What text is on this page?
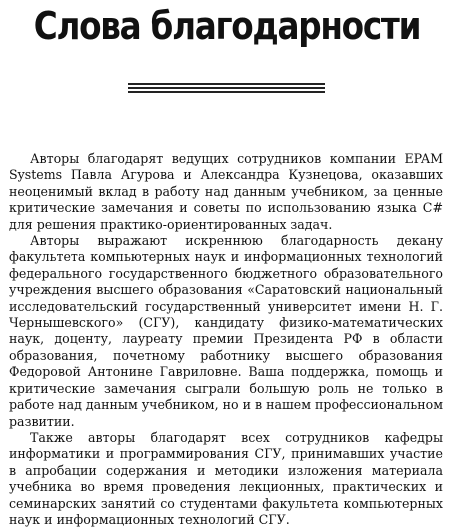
Слова благодарности

Авторы благодарят ведущих сотрудников компании EPAM Systems Павла Агурова и Александра Кузнецова, оказавших неоценимый вклад в работу над данным учебником, за ценные критические замечания и советы по использованию языка C# для решения практико-ориентированных задач.

Авторы выражают искреннюю благодарность декану факультета компьютерных наук и информационных технологий федерального государственного бюджетного образовательного учреждения высшего образования «Саратовский национальный исследовательский государственный университет имени Н. Г. Чернышевского» (СГУ), кандидату физико-математических наук, доценту, лауреату премии Президента РФ в области образования, почетному работнику высшего образования Федоровой Антонине Гавриловне. Ваша поддержка, помощь и критические замечания сыграли большую роль не только в работе над данным учебником, но и в нашем профессиональном развитии.

Также авторы благодарят всех сотрудников кафедры информатики и программирования СГУ, принимавших участие в апробации содержания и методики изложения материала учебника во время проведения лекционных, практических и семинарских занятий со студентами факультета компьютерных наук и информационных технологий СГУ.
